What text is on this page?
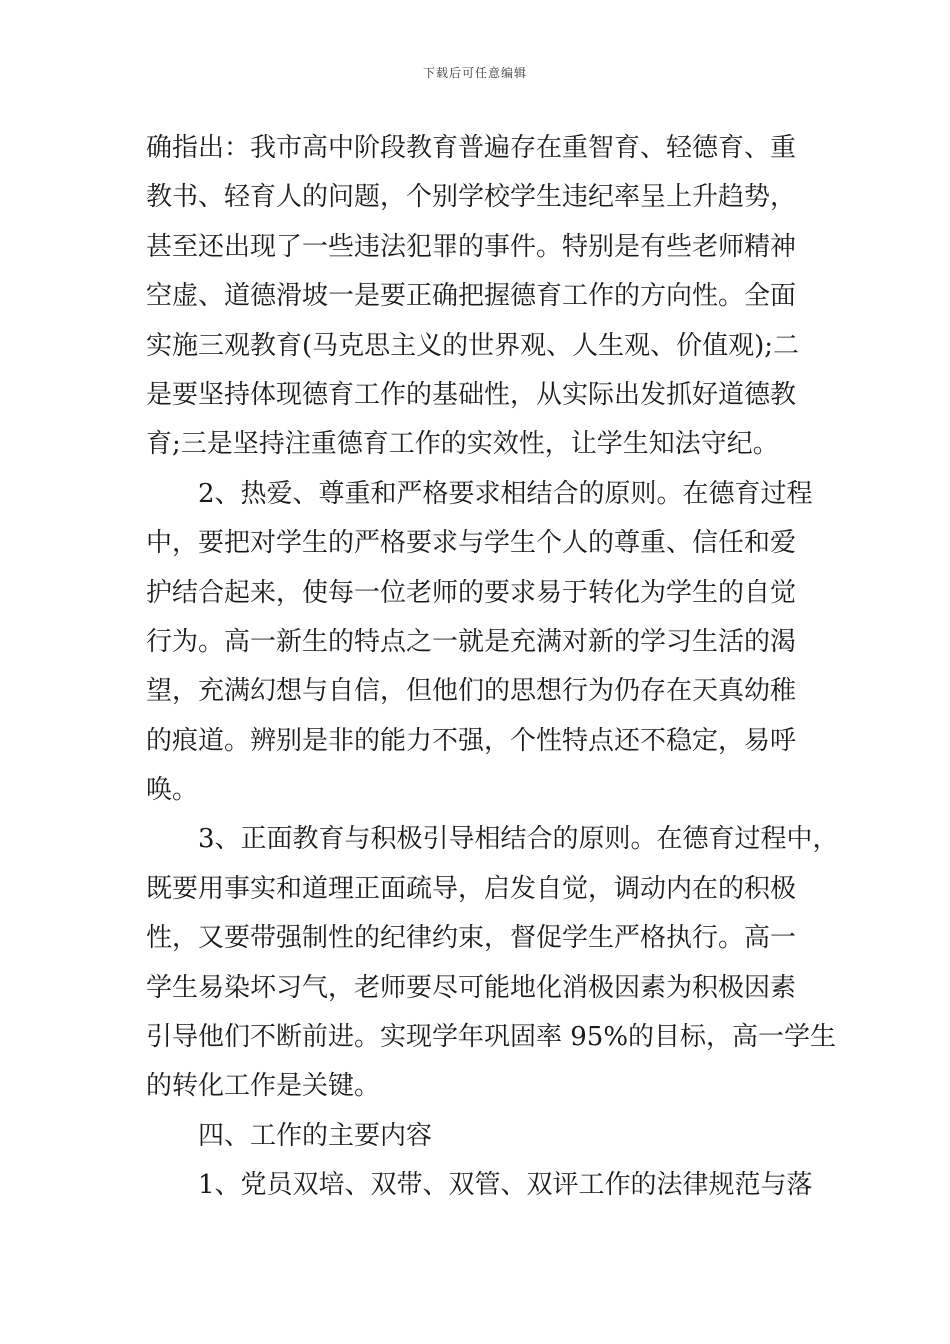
下载后可任意编辑
确指出：我市高中阶段教育普遍存在重智育、轻德育、重
教书、轻育人的问题，个别学校学生违纪率呈上升趋势，
甚至还出现了一些违法犯罪的事件。特别是有些老师精神
空虚、道德滑坡一是要正确把握德育工作的方向性。全面
实施三观教育(马克思主义的世界观、人生观、价值观);二
是要坚持体现德育工作的基础性，从实际出发抓好道德教
育;三是坚持注重德育工作的实效性，让学生知法守纪。
　　2、热爱、尊重和严格要求相结合的原则。在德育过程
中，要把对学生的严格要求与学生个人的尊重、信任和爱
护结合起来，使每一位老师的要求易于转化为学生的自觉
行为。高一新生的特点之一就是充满对新的学习生活的渴
望，充满幻想与自信，但他们的思想行为仍存在天真幼稚
的痕道。辨别是非的能力不强，个性特点还不稳定，易呼
唤。
　　3、正面教育与积极引导相结合的原则。在德育过程中，
既要用事实和道理正面疏导，启发自觉，调动内在的积极
性，又要带强制性的纪律约束，督促学生严格执行。高一
学生易染坏习气，老师要尽可能地化消极因素为积极因素
引导他们不断前进。实现学年巩固率 95%的目标，高一学生
的转化工作是关键。
　　四、工作的主要内容
　　1、党员双培、双带、双管、双评工作的法律规范与落
